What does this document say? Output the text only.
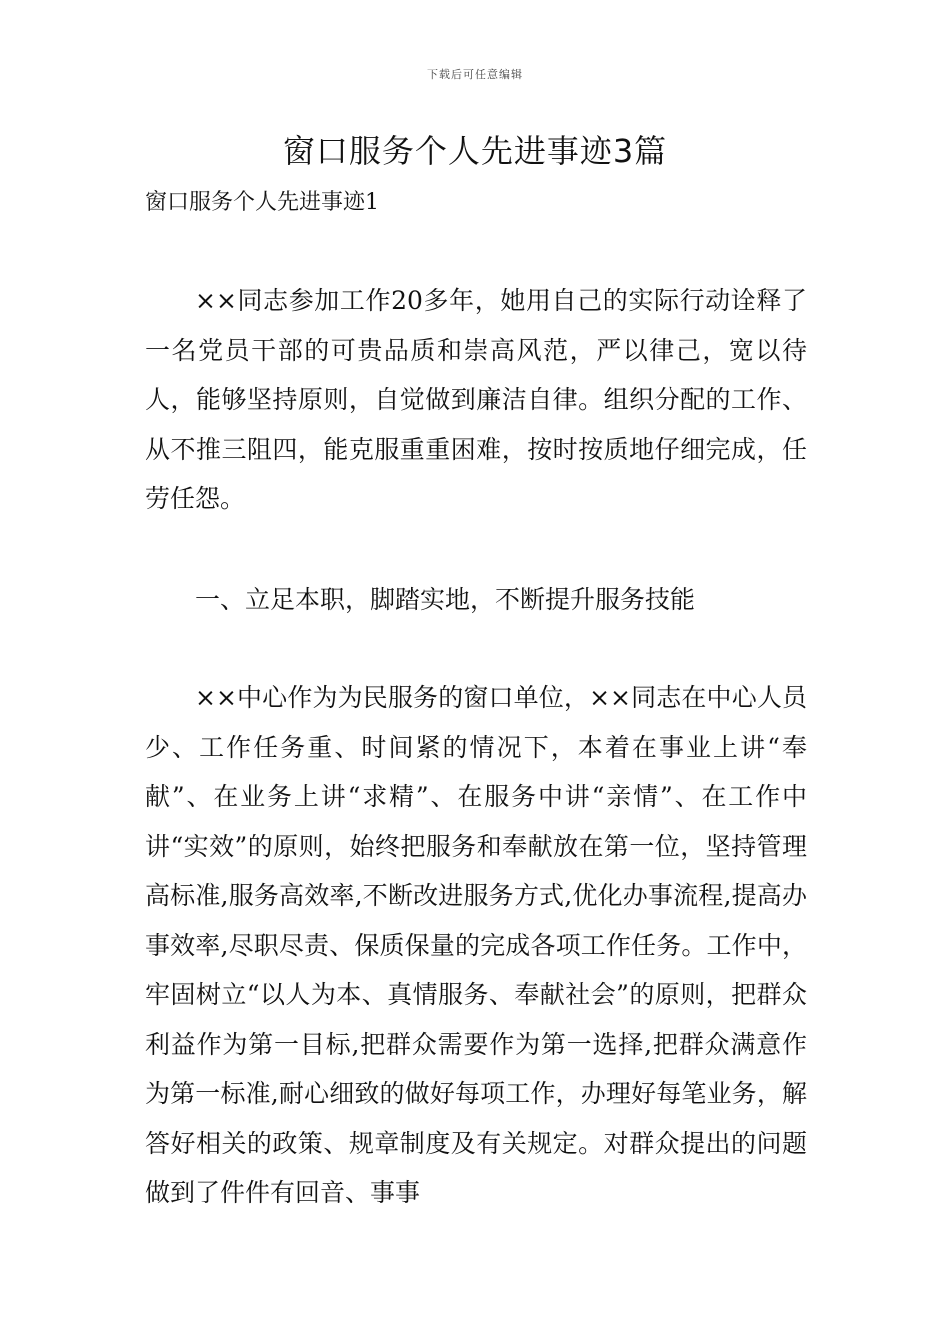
下载后可任意编辑
窗口服务个人先进事迹3篇

窗口服务个人先进事迹1

××同志参加工作20多年，她用自己的实际行动诠释了一名党员干部的可贵品质和崇高风范，严以律己，宽以待人，能够坚持原则，自觉做到廉洁自律。组织分配的工作、从不推三阻四，能克服重重困难，按时按质地仔细完成，任劳任怨。

一、立足本职，脚踏实地，不断提升服务技能

××中心作为为民服务的窗口单位，××同志在中心人员少、工作任务重、时间紧的情况下，本着在事业上讲“奉献”、在业务上讲“求精”、在服务中讲“亲情”、在工作中讲“实效”的原则，始终把服务和奉献放在第一位，坚持管理高标准,服务高效率,不断改进服务方式,优化办事流程,提高办事效率,尽职尽责、保质保量的完成各项工作任务。工作中，牢固树立“以人为本、真情服务、奉献社会”的原则，把群众利益作为第一目标,把群众需要作为第一选择,把群众满意作为第一标准,耐心细致的做好每项工作，办理好每笔业务，解答好相关的政策、规章制度及有关规定。对群众提出的问题做到了件件有回音、事事
